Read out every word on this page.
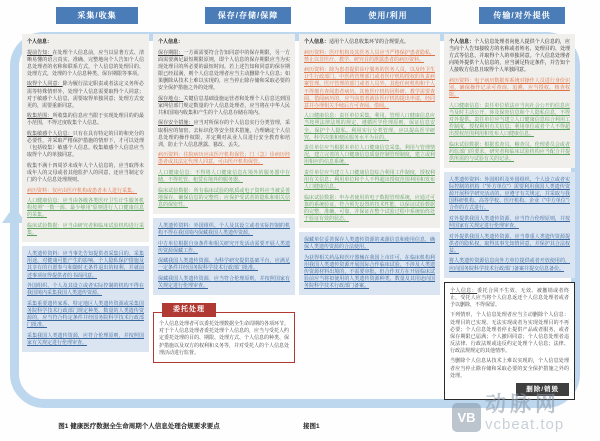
采集/收集	保存/存储/保障	使用/利用	传输/对外提供

个人信息：

提前告知：在处理个人信息前，应当以显著方式、清晰易懂的语言真实、准确、完整地向个人告知个人信息处理者的名称和联系方式，个人信息的处理目的、处理方式，处理的个人信息种类、保存期限等事项。

取得个人同意：除为履行法定职责或者法定义务所必需等特殊情形外，处理个人信息需要取得个人同意；对于敏感个人信息，需要取得单独同意；处理方式变更的，需要重新同意。

收集范围：所收集的信息应当限于实现处理目的的最小范围，不得过度收集个人信息。

收集敏感个人信息：只有在具有特定的目的和充分的必要性，并采取严格保护措施的情形下，才可以处理（包括收集）敏感个人信息。收集敏感个人信息应当取得个人的单独同意。

收集不满十四周岁未成年人个人信息的，应当取得未成年人的父母或者其他监护人的同意，还应当制定专门的个人信息处理规则。

病历资料：仅应由医疗机构或患者本人进行采集。

人口健康信息：应当由各级各类医疗卫生计生服务机构按照“一数一源、最少够用”原则进行人口健康信息的采集。

临床试验数据：应当由研究者和临床试验机构进行采集。

人类遗传资料：应当事先告知提供者采集目的、采集用途、对健康可能产生的影响、个人隐私保护措施及其享有的自愿参与和随时无条件退出的权利，并就前述事项征得提供者的书面同意。

外国组织、个人及其设立或者实际控制的机构不得在我国境内采集我国人类遗传资源。

采集重要遗传家系、特定地区人类遗传资源或采集国务院科学技术行政部门规定种类、数量的人类遗传资源的，应当符合特定条件并经国务院科学技术行政部门批准。

采集我国人类遗传资源，应符合伦理原则，并按照国家有关规定进行伦理审查。

个人信息：

保存期限：一方面需要符合告知同意中的保存期限，另一方面需要满足最短期限原则，即个人信息的保存期限应当为实现处理目的所必要的最短时间。若上述告知和同意的保存期限已经届满，则个人信息处理者应当主动删除个人信息；如果删除从技术上难以实现的，应当停止除存储和采取必要的安全保护措施之外的处理。

保存地点：关键信息基础设施运营者和处理个人信息达到国家网信部门规定数量的个人信息处理者，应当将在中华人民共和国境内收集和产生的个人信息存储在境内。

保存安全措施：应当对所保存的个人信息实行分类管理，采取相应的加密、去标识化等安全技术措施，合理确定个人信息处理的操作权限，并定期对从业人员进行安全教育和培训，防止个人信息泄露、篡改、丢失。

病历资料：住院病历应由医疗机构保管；门（急）诊病历经患者或其法定代理人同意，可由医疗机构保管。

人口健康信息：不得将人口健康信息在境外的服务器中存储，不得托管、租赁在境外的服务器。

临床试验数据：所有临床试验的纸质或电子资料应当被妥善地保存，确保信息的完整性；应保护受试者的隐私和相关信息的保密性。

人类遗传资料：外国组织、个人及其设立或者实际控制的机构不得在我国境内保藏我国人类遗传资源。

中方单位根据自身条件和相关研究开发活动需要开展人类遗传资源保藏工作。

保藏我国人类遗传资源、为科学研究提供基础平台，应满足一定条件并经国务院科学技术行政部门批准。

保藏我国人类遗传资源，应当符合伦理原则，并按照国家有关规定进行伦理审查。

委托处理

个人信息处理者可以委托处理数据全生命周期的各项环节。对于个人信息处理者委托处理个人信息的，应当与受托人约定委托处理的目的、期限、处理方式、个人信息的种类、保护措施以及双方的权利和义务等，并对受托人的个人信息处理活动进行监督。

个人信息：适用个人信息收集环节的合规要点。

病历资料：医疗机构及其医务人员应当严格保护患者隐私，禁止以非医疗、教学、研究目的泄露患者的病历资料。

病历资料：除为患者提供诊疗服务的医务人员，以及经卫生计生行政部门、中医药管理部门或者医疗机构授权的负责病案管理、医疗管理的部门或者人员外，其他任何机构和个人不得擅自查阅患者病历。其他医疗机构因科研、教学需要查阅、借阅病历的，应当向患者就诊医疗机构提出申请，经同意并办理相关手续后方可查阅、借阅。

人口健康信息：责任单位采集、利用、管理人口健康信息应当按照法律法规的规定，遵循医学伦理原则，保证信息安全，保护个人隐私。利用实行分类管理，应以提高医学研究、科学决策和便民服务水平为目的。

责任单位应当根据本单位人口健康信息采集、利用与管理情况，建立完善的人口健康信息质量控制管理制度，建立或利用相应的信息系统。

责任单位应当建立人口健康信息综合利用工作制度，授权利用有关信息；利用单位和个人不得超出授权范围利用和发布人口健康信息。

临床试验数据：申办者使用的电子数据管理系统，应通过可靠的系统验证，符合预先设置的技术性能，以保证试验数据的完整、准确、可靠，并保证在整个试验过程中系统始终处于验证有效的状态。

保藏单位妥善保存人类遗传资源的来源信息和使用信息，确保人类遗传资源的合法使用。

为获得相关药品和医疗器械在我国上市许可，在临床机构利用我国人类遗传资源开展国际合作临床试验、不涉及人类遗传资源材料出境的，不需要审批，但合作双方在开展临床试验前应当将拟使用的人类遗传资源种类、数量及其用途向国务院科学技术行政部门备案。

个人信息：个人信息处理者向他人提供个人信息的，应当向个人告知接收方的名称或者姓名、处理目的、处理方式等信息，并取得个人的单独同意。个人信息处理者向境外提供个人信息的，应当满足特定条件，并告知个人接收方信息且取得个人单独同意。

病历资料：电子病历数据库系统对操作人员进行身份识别，确保操作记录可查询、追溯，应当授权、核查权限。

人口健康信息：责任单位依法应当向社会公开的信息应当及时主动公开，涉及保密信息和个人隐私信息，不得对外提供。责任单位应当建立人口健康信息综合利用工作制度，授权利用有关信息；利用单位或者个人不得超出授权范围利用和发布人口健康信息。

临床试验数据：根据监查员、稽查员、伦理委员会或者药监部门的要求，研究者和临床试验机构应当配合并提供所需的与试验有关的记录。

人类遗传资料：外国组织及外国组织、个人设立或者实际控制的机构（“外方单位”）需要利用我国人类遗传资源开展科学研究活动的，应遵守有关规定，并采取与我国科研机构、高等学校、医疗机构、企业（“中方单位”）合作的方式进行。

对外提供我国人类遗传资源，应当符合伦理原则，并按照国家有关规定进行伦理审查。

对外提供我国人类遗传资源，应当尊重人类遗传资源提供者的隐私权，取得其事先知情同意，并保护其合法权益。

将人类遗传资源信息向外方单位提供或者开放使用的，应向国务院科学技术行政部门备案并提交信息备份。

个人信息：委托合同不生效、无效、被撤销或者终止，受托人应当将个人信息返还个人信息处理者或者予以删除，不得保留。

下列情形，个人信息处理者应当主动删除个人信息：处理目的已实现、无法实现或者为实现处理目的不再必要；个人信息处理者停止提供产品或者服务，或者保存期限已届满；个人撤回同意；个人信息处理者违反法律、行政法规或违反约定处理个人信息；法律、行政法规规定的其他情形。

当删除个人信息从技术上难以实现的，个人信息处理者应当停止除存储和采取必要的安全保护措施之外的处理。

删除/销毁
图1 健康医疗数据全生命周期个人信息处理合规要求要点	接图1
VB
动脉网
vcbeat.top
